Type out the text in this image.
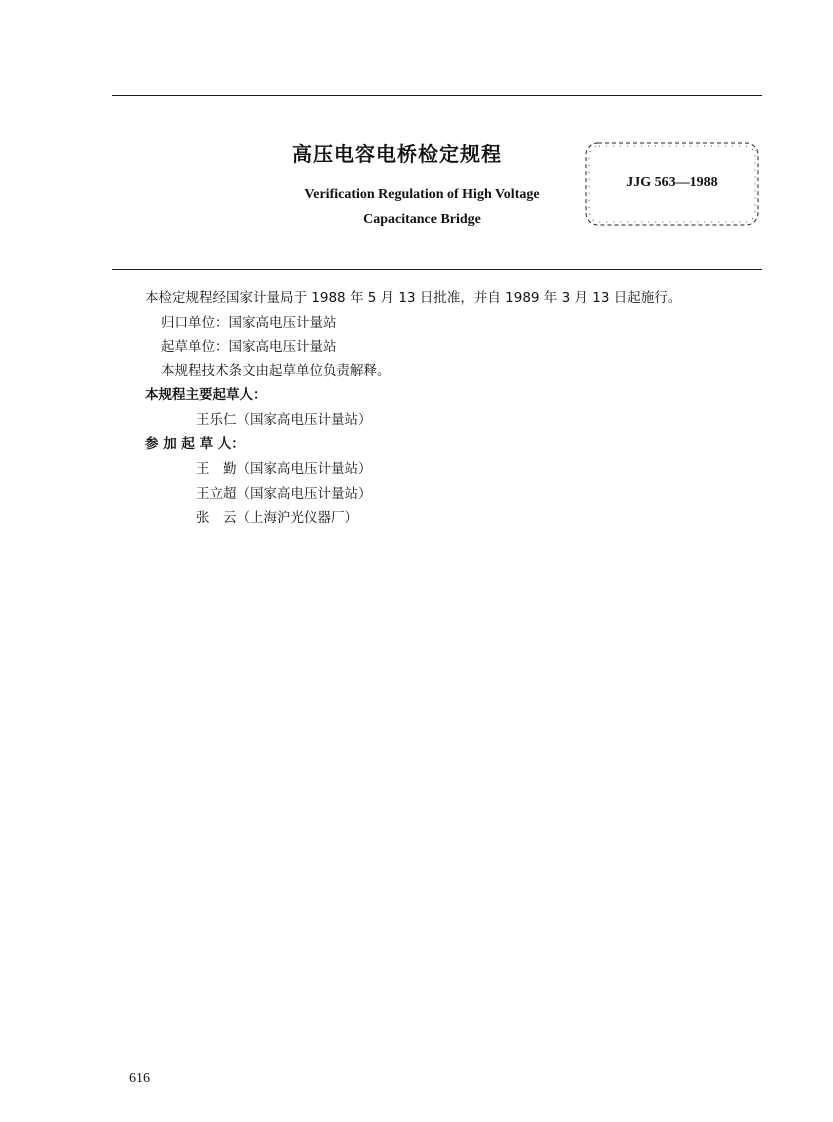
高压电容电桥检定规程
Verification Regulation of High Voltage
Capacitance Bridge
JJG 563—1988
本检定规程经国家计量局于 1988 年 5 月 13 日批准，并自 1989 年 3 月 13 日起施行。
归口单位：国家高电压计量站
起草单位：国家高电压计量站
本规程技术条文由起草单位负责解释。
本规程主要起草人：
王乐仁（国家高电压计量站）
参 加 起 草 人：
王　勤（国家高电压计量站）
王立超（国家高电压计量站）
张　云（上海沪光仪器厂）
616
